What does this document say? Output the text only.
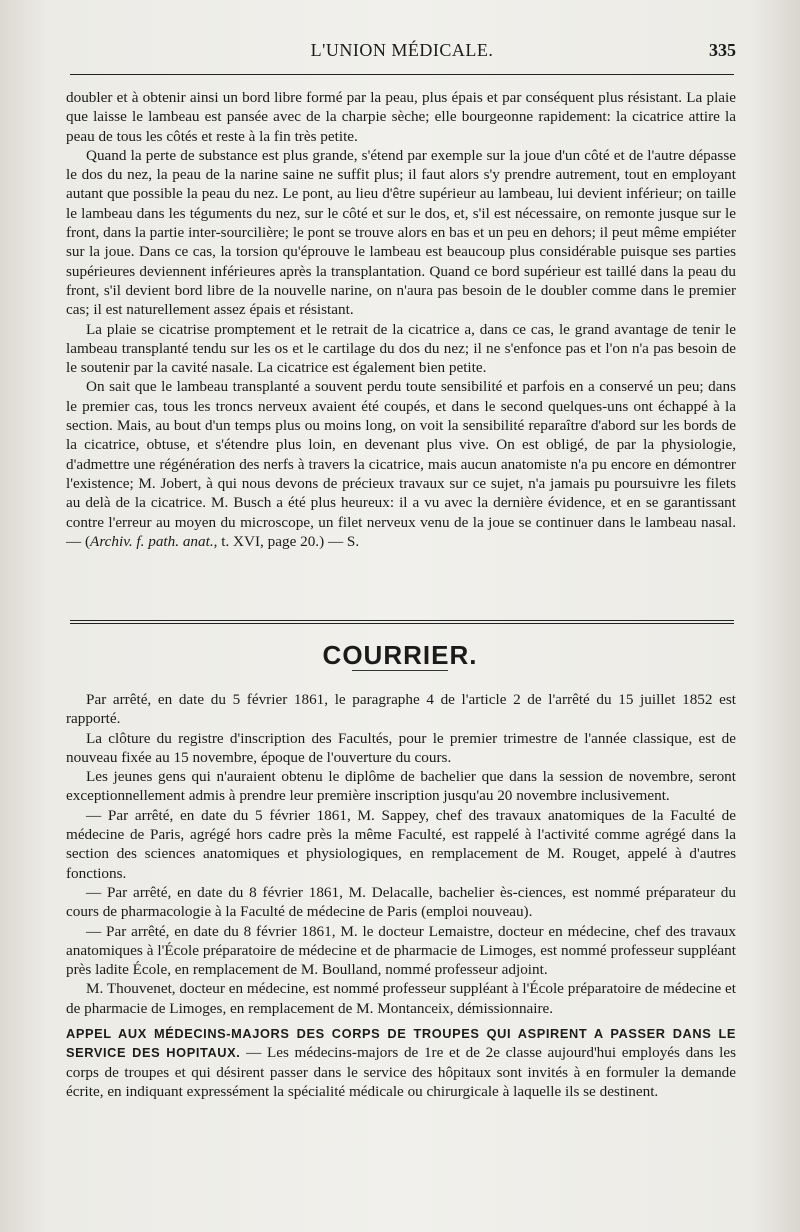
L'UNION MÉDICALE.	335

doubler et à obtenir ainsi un bord libre formé par la peau, plus épais et par conséquent plus résistant. La plaie que laisse le lambeau est pansée avec de la charpie sèche; elle bourgeonne rapidement: la cicatrice attire la peau de tous les côtés et reste à la fin très petite.

Quand la perte de substance est plus grande, s'étend par exemple sur la joue d'un côté et de l'autre dépasse le dos du nez, la peau de la narine saine ne suffit plus; il faut alors s'y prendre autrement, tout en employant autant que possible la peau du nez. Le pont, au lieu d'être supérieur au lambeau, lui devient inférieur; on taille le lambeau dans les téguments du nez, sur le côté et sur le dos, et, s'il est nécessaire, on remonte jusque sur le front, dans la partie inter-sourcilière; le pont se trouve alors en bas et un peu en dehors; il peut même empiéter sur la joue. Dans ce cas, la torsion qu'éprouve le lambeau est beaucoup plus considérable puisque ses parties supérieures deviennent inférieures après la transplantation. Quand ce bord supérieur est taillé dans la peau du front, s'il devient bord libre de la nouvelle narine, on n'aura pas besoin de le doubler comme dans le premier cas; il est naturellement assez épais et résistant.

La plaie se cicatrise promptement et le retrait de la cicatrice a, dans ce cas, le grand avantage de tenir le lambeau transplanté tendu sur les os et le cartilage du dos du nez; il ne s'enfonce pas et l'on n'a pas besoin de le soutenir par la cavité nasale. La cicatrice est également bien petite.

On sait que le lambeau transplanté a souvent perdu toute sensibilité et parfois en a conservé un peu; dans le premier cas, tous les troncs nerveux avaient été coupés, et dans le second quelques-uns ont échappé à la section. Mais, au bout d'un temps plus ou moins long, on voit la sensibilité reparaître d'abord sur les bords de la cicatrice, obtuse, et s'étendre plus loin, en devenant plus vive. On est obligé, de par la physiologie, d'admettre une régénération des nerfs à travers la cicatrice, mais aucun anatomiste n'a pu encore en démontrer l'existence; M. Jobert, à qui nous devons de précieux travaux sur ce sujet, n'a jamais pu poursuivre les filets au delà de la cicatrice. M. Busch a été plus heureux: il a vu avec la dernière évidence, et en se garantissant contre l'erreur au moyen du microscope, un filet nerveux venu de la joue se continuer dans le lambeau nasal. — (Archiv. f. path. anat., t. XVI, page 20.) — S.

COURRIER.

Par arrêté, en date du 5 février 1861, le paragraphe 4 de l'article 2 de l'arrêté du 15 juillet 1852 est rapporté.

La clôture du registre d'inscription des Facultés, pour le premier trimestre de l'année classique, est de nouveau fixée au 15 novembre, époque de l'ouverture du cours.

Les jeunes gens qui n'auraient obtenu le diplôme de bachelier que dans la session de novembre, seront exceptionnellement admis à prendre leur première inscription jusqu'au 20 novembre inclusivement.

— Par arrêté, en date du 5 février 1861, M. Sappey, chef des travaux anatomiques de la Faculté de médecine de Paris, agrégé hors cadre près la même Faculté, est rappelé à l'activité comme agrégé dans la section des sciences anatomiques et physiologiques, en remplacement de M. Rouget, appelé à d'autres fonctions.

— Par arrêté, en date du 8 février 1861, M. Delacalle, bachelier ès-ciences, est nommé préparateur du cours de pharmacologie à la Faculté de médecine de Paris (emploi nouveau).

— Par arrêté, en date du 8 février 1861, M. le docteur Lemaistre, docteur en médecine, chef des travaux anatomiques à l'École préparatoire de médecine et de pharmacie de Limoges, est nommé professeur suppléant près ladite École, en remplacement de M. Boulland, nommé professeur adjoint.

M. Thouvenet, docteur en médecine, est nommé professeur suppléant à l'École préparatoire de médecine et de pharmacie de Limoges, en remplacement de M. Montanceix, démissionnaire.

APPEL AUX MÉDECINS-MAJORS DES CORPS DE TROUPES QUI ASPIRENT A PASSER DANS LE SERVICE DES HOPITAUX. — Les médecins-majors de 1re et de 2e classe aujourd'hui employés dans les corps de troupes et qui désirent passer dans le service des hôpitaux sont invités à en formuler la demande écrite, en indiquant expressément la spécialité médicale ou chirurgicale à laquelle ils se destinent.
